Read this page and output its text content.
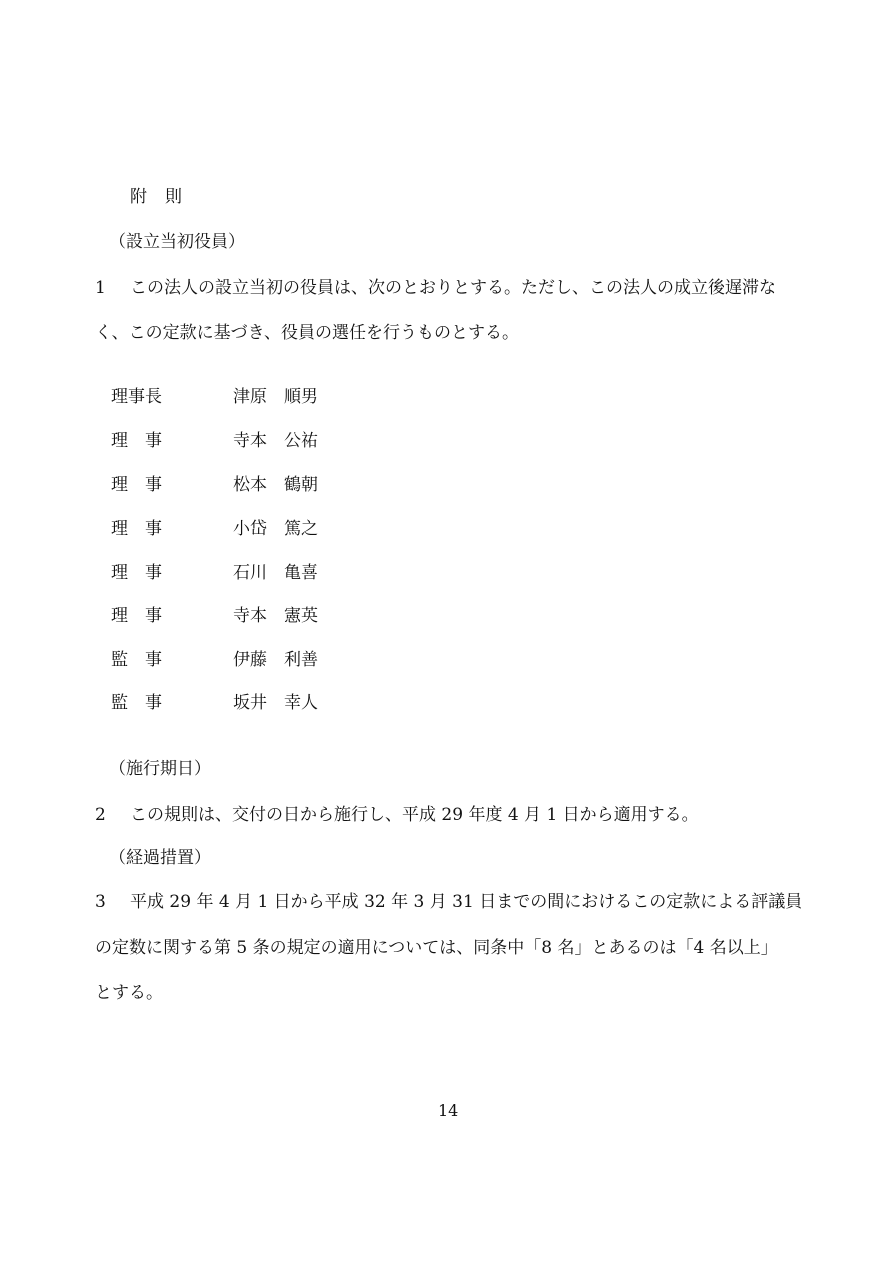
附則
（設立当初役員）
1 この法人の設立当初の役員は、次のとおりとする。ただし、この法人の成立後遅滞な
く、この定款に基づき、役員の選任を行うものとする。
理事長	津原　順男
理　事	寺本　公祐
理　事	松本　鶴朝
理　事	小岱　篤之
理　事	石川　亀喜
理　事	寺本　憲英
監　事	伊藤　利善
監　事	坂井　幸人
（施行期日）
2 この規則は、交付の日から施行し、平成 29 年度 4 月 1 日から適用する。
（経過措置）
3 平成 29 年 4 月 1 日から平成 32 年 3 月 31 日までの間におけるこの定款による評議員
の定数に関する第 5 条の規定の適用については、同条中「8 名」とあるのは「4 名以上」
とする。
14
